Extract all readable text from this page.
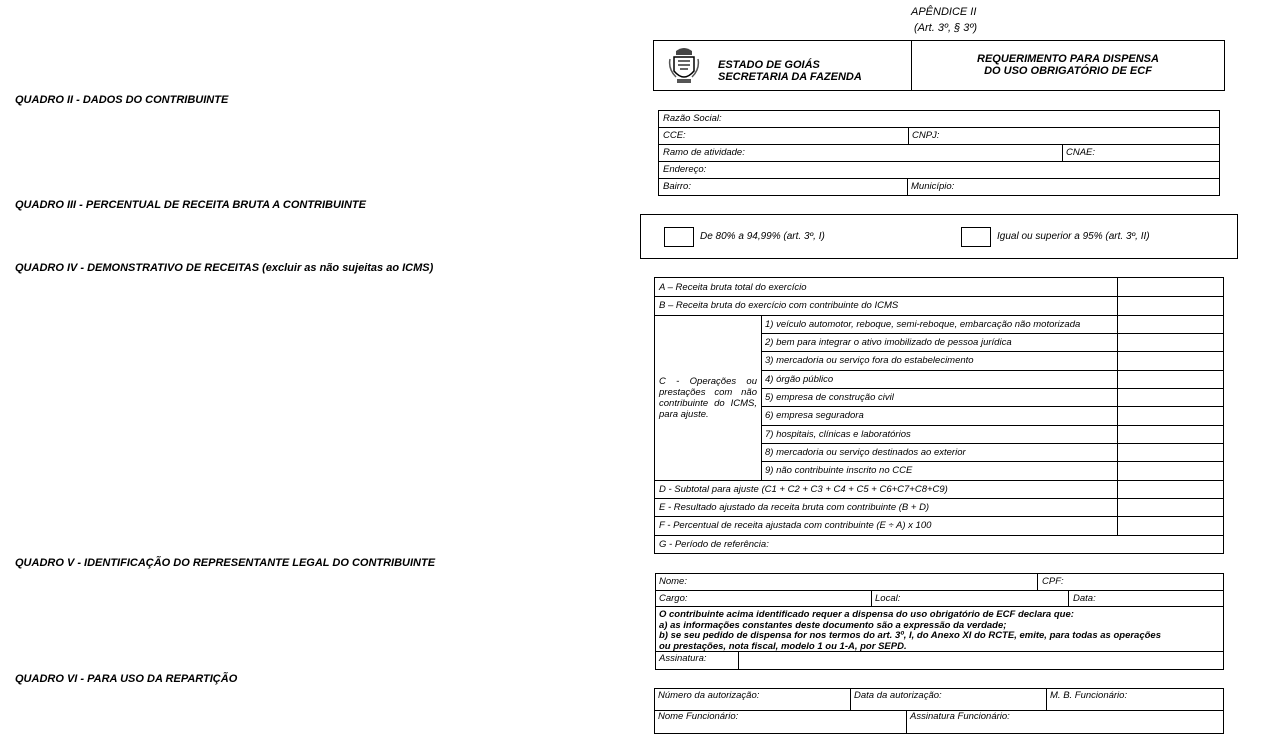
APÊNDICE II
(Art. 3º, § 3º)
ESTADO DE GOIÁS
SECRETARIA DA FAZENDA
REQUERIMENTO PARA DISPENSA
DO USO OBRIGATÓRIO DE ECF
QUADRO II - DADOS DO CONTRIBUINTE
QUADRO III - PERCENTUAL DE RECEITA BRUTA A CONTRIBUINTE
QUADRO IV - DEMONSTRATIVO DE RECEITAS (excluir as não sujeitas ao ICMS)
QUADRO V - IDENTIFICAÇÃO DO REPRESENTANTE LEGAL DO CONTRIBUINTE
QUADRO VI - PARA USO DA REPARTIÇÃO
Razão Social:
CCE:	CNPJ:
Ramo de atividade:	CNAE:
Endereço:
Bairro:	Município:
De 80% a 94,99% (art. 3º, I)	Igual ou superior a 95% (art. 3º, II)
A – Receita bruta total do exercício
B – Receita bruta do exercício com contribuinte do ICMS
C - Operações ou prestações com não contribuinte do ICMS, para ajuste.
1) veículo automotor, reboque, semi-reboque, embarcação não motorizada
2) bem para integrar o ativo imobilizado de pessoa jurídica
3) mercadoria ou serviço fora do estabelecimento
4) órgão público
5) empresa de construção civil
6) empresa seguradora
7) hospitais, clínicas e laboratórios
8) mercadoria ou serviço destinados ao exterior
9) não contribuinte inscrito no CCE
D - Subtotal para ajuste (C1 + C2 + C3 + C4 + C5 + C6+C7+C8+C9)
E - Resultado ajustado da receita bruta com contribuinte (B + D)
F - Percentual de receita ajustada com contribuinte (E ÷ A) x 100
G - Período de referência:
Nome:	CPF:
Cargo:	Local:	Data:
O contribuinte acima identificado requer a dispensa do uso obrigatório de ECF declara que:
a) as informações constantes deste documento são a expressão da verdade;
b) se seu pedido de dispensa for nos termos do art. 3º, I, do Anexo XI do RCTE, emite, para todas as operações
ou prestações, nota fiscal, modelo 1 ou 1-A, por SEPD.
Assinatura:
Número da autorização:	Data da autorização:	M. B. Funcionário:
Nome Funcionário:	Assinatura Funcionário:
